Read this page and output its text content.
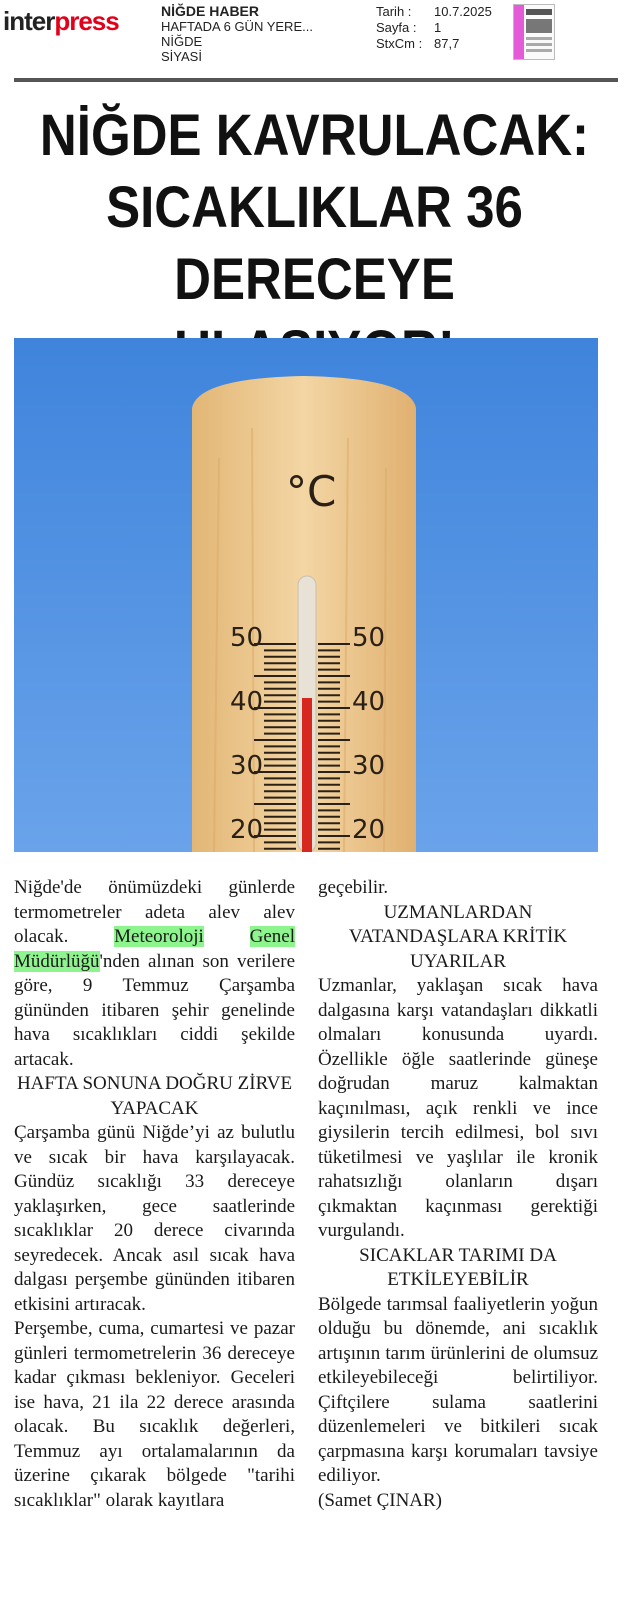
interpress	NİĞDE HABER
HAFTADA 6 GÜN YERE...
NİĞDE
SİYASİ
Tarih :	10.7.2025
Sayfa :	1
StxCm : 87,7
NİĞDE KAVRULACAK:
SICAKLIKLAR 36
DERECEYE
°C
50	50
40	40
30	30
20	20

Niğde'de önümüzdeki günlerde termometreler adeta alev alev olacak. Meteoroloji Genel Müdürlüğü'nden alınan son verilere göre, 9 Temmuz Çarşamba gününden itibaren şehir genelinde hava sıcaklıkları ciddi şekilde artacak.

HAFTA SONUNA DOĞRU ZİRVE YAPACAK

Çarşamba günü Niğde’yi az bulutlu ve sıcak bir hava karşılayacak. Gündüz sıcaklığı 33 dereceye yaklaşırken, gece saatlerinde sıcaklıklar 20 derece civarında seyredecek. Ancak asıl sıcak hava dalgası perşembe gününden itibaren etkisini artıracak.

Perşembe, cuma, cumartesi ve pazar günleri termometrelerin 36 dereceye kadar çıkması bekleniyor. Geceleri ise hava, 21 ila 22 derece arasında olacak. Bu sıcaklık değerleri, Temmuz ayı ortalamalarının da üzerine çıkarak bölgede "tarihi sıcaklıklar" olarak kayıtlara

geçebilir.

UZMANLARDAN VATANDAŞLARA KRİTİK UYARILAR

Uzmanlar, yaklaşan sıcak hava dalgasına karşı vatandaşları dikkatli olmaları konusunda uyardı. Özellikle öğle saatlerinde güneşe doğrudan maruz kalmaktan kaçınılması, açık renkli ve ince giysilerin tercih edilmesi, bol sıvı tüketilmesi ve yaşlılar ile kronik rahatsızlığı olanların dışarı çıkmaktan kaçınması gerektiği vurgulandı.

SICAKLAR TARIMI DA ETKİLEYEBİLİR

Bölgede tarımsal faaliyetlerin yoğun olduğu bu dönemde, ani sıcaklık artışının tarım ürünlerini de olumsuz etkileyebileceği belirtiliyor. Çiftçilere sulama saatlerini düzenlemeleri ve bitkileri sıcak çarpmasına karşı korumaları tavsiye ediliyor.

(Samet ÇINAR)
